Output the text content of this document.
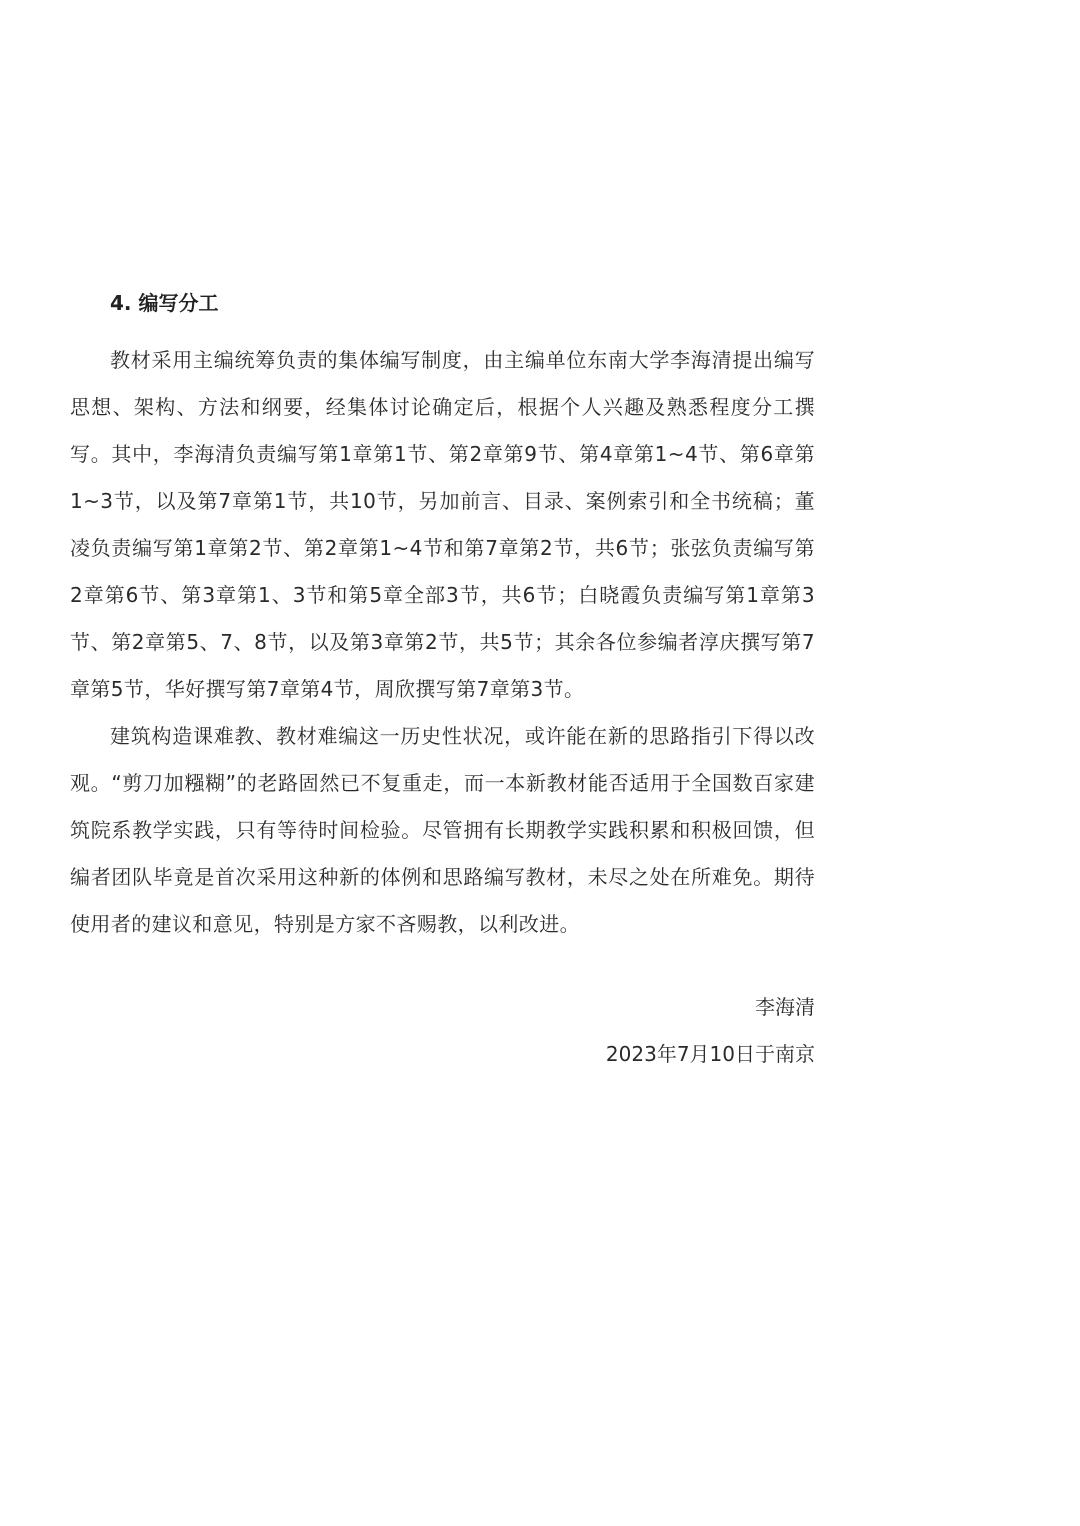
4. 编写分工

教材采用主编统筹负责的集体编写制度，由主编单位东南大学李海清提出编写思想、架构、方法和纲要，经集体讨论确定后，根据个人兴趣及熟悉程度分工撰写。其中，李海清负责编写第1章第1节、第2章第9节、第4章第1~4节、第6章第1~3节，以及第7章第1节，共10节，另加前言、目录、案例索引和全书统稿；董凌负责编写第1章第2节、第2章第1~4节和第7章第2节，共6节；张弦负责编写第2章第6节、第3章第1、3节和第5章全部3节，共6节；白晓霞负责编写第1章第3节、第2章第5、7、8节，以及第3章第2节，共5节；其余各位参编者淳庆撰写第7章第5节，华好撰写第7章第4节，周欣撰写第7章第3节。

建筑构造课难教、教材难编这一历史性状况，或许能在新的思路指引下得以改观。“剪刀加糨糊”的老路固然已不复重走，而一本新教材能否适用于全国数百家建筑院系教学实践，只有等待时间检验。尽管拥有长期教学实践积累和积极回馈，但编者团队毕竟是首次采用这种新的体例和思路编写教材，未尽之处在所难免。期待使用者的建议和意见，特别是方家不吝赐教，以利改进。

李海清
2023年7月10日于南京
